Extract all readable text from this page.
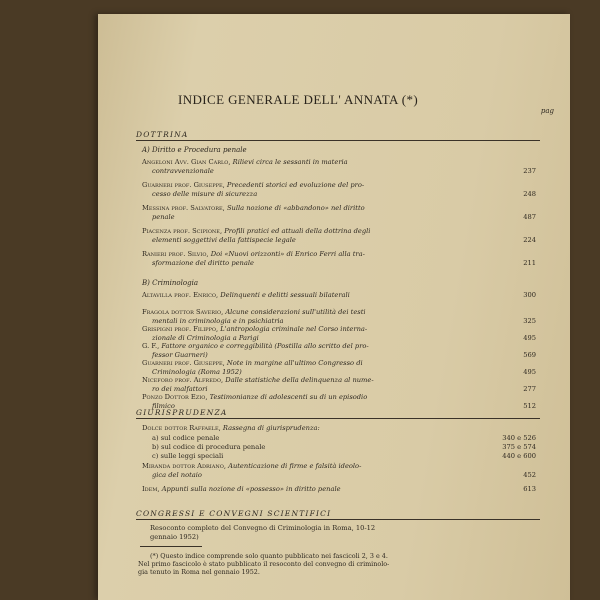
INDICE GENERALE DELL' ANNATA (*)
pag
DOTTRINA
A) Diritto e Procedura penale
Angeloni Avv. Gian Carlo, Rilievi circa le sessanti in materia
contravvenzionale	237
Guarneri prof. Giuseppe, Precedenti storici ed evoluzione del pro-
cesso delle misure di sicurezza	248
Messina prof. Salvatore, Sulla nozione di «abbandono» nel diritto
penale	487
Piacenza prof. Scipione, Profili pratici ed attuali della dottrina degli
elementi soggettivi della fattispecie legale	224
Ranieri prof. Silvio, Doi «Nuovi orizzonti» di Enrico Ferri alla tra-
sformazione del diritto penale	211
B) Criminologia
Altavilla prof. Enrico, Delinquenti e delitti sessuali bilaterali	300
Fragola dottor Saverio, Alcune considerazioni sull'utilità dei testi
mentali in criminologia e in psichiatria	325
Grispigni prof. Filippo, L'antropologia criminale nel Corso interna-
zionale di Criminologia a Parigi	495
G. F., Fattore organico e correggibilità (Postilla allo scritto del pro-
fessor Guarneri)	569
Guarneri prof. Giuseppe, Note in margine all'ultimo Congresso di
Criminologia (Roma 1952)	495
Niceforo prof. Alfredo, Dalle statistiche della delinquenza al nume-
ro dei malfattori	277
Ponzo Dottor Ezio, Testimonianze di adolescenti su di un episodio
filmico	512
GIURISPRUDENZA
Dolce dottor Raffaele, Rassegna di giurisprudenza:
a) sul codice penale	340 e 526
b) sul codice di procedura penale	375 e 574
c) sulle leggi speciali	440 e 600
Miranda dottor Adriano, Autenticazione di firme e falsità ideolo-
gica del notaio	452
Idem, Appunti sulla nozione di «possesso» in diritto penale	613
CONGRESSI E CONVEGNI SCIENTIFICI
Resoconto completo del Convegno di Criminologia in Roma, 10-12
gennaio 1952)
(*) Questo indice comprende solo quanto pubblicato nei fascicoli 2, 3 e 4.
Nel primo fascicolo è stato pubblicato il resoconto del convegno di criminolo-
gia tenuto in Roma nel gennaio 1952.
